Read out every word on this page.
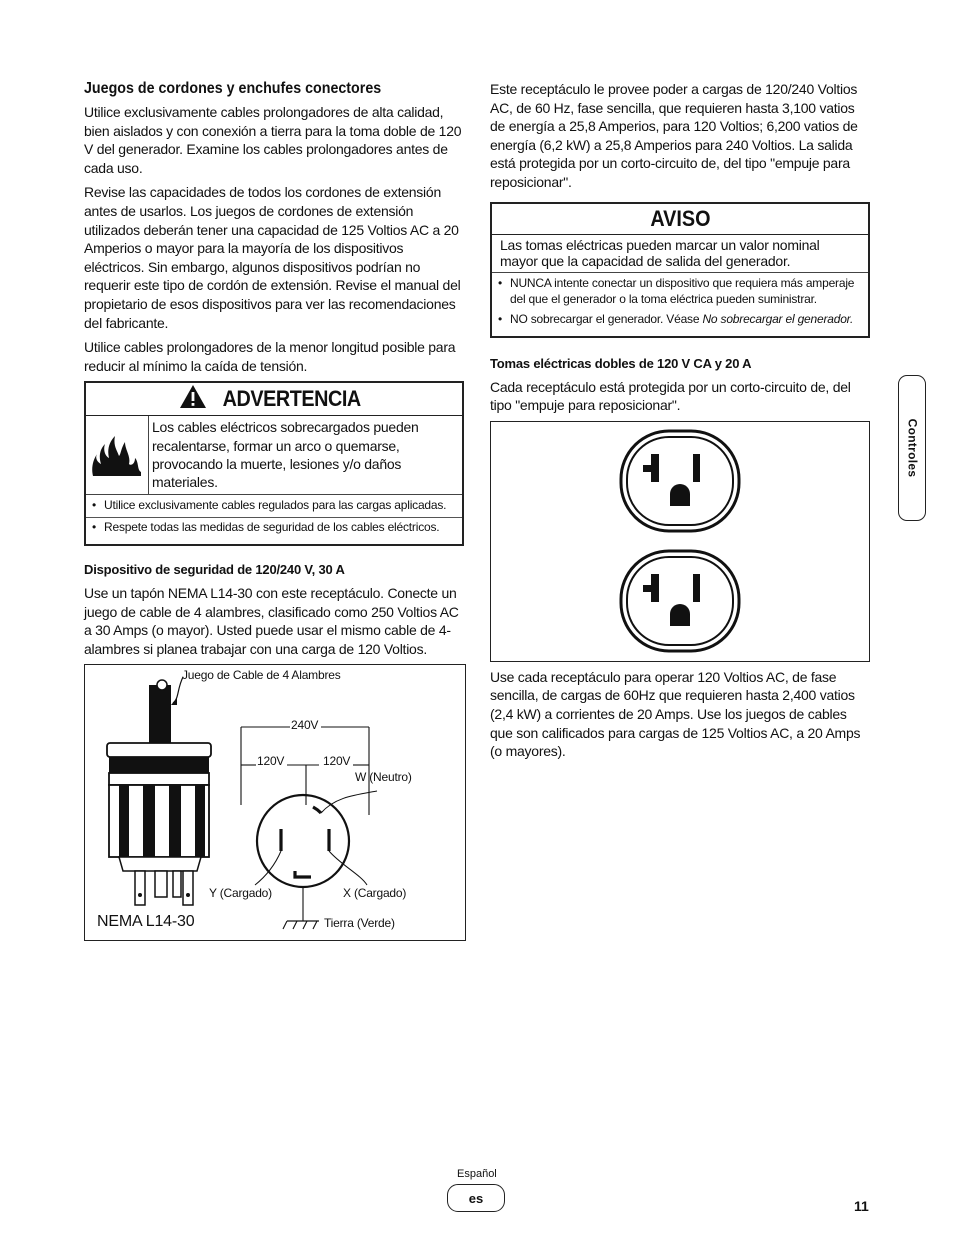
Juegos de cordones y enchufes conectores

Utilice exclusivamente cables prolongadores de alta calidad, bien aislados y con conexión a tierra para la toma doble de 120 V del generador. Examine los cables prolongadores antes de cada uso.

Revise las capacidades de todos los cordones de extensión antes de usarlos. Los juegos de cordones de extensión utilizados deberán tener una capacidad de 125 Voltios AC a 20 Amperios o mayor para la mayoría de los dispositivos eléctricos. Sin embargo, algunos dispositivos podrían no requerir este tipo de cordón de extensión. Revise el manual del propietario de esos dispositivos para ver las recomendaciones del fabricante.

Utilice cables prolongadores de la menor longitud posible para reducir al mínimo la caída de tensión.

ADVERTENCIA
Los cables eléctricos sobrecargados pueden recalentarse, formar un arco o quemarse, provocando la muerte, lesiones y/o daños materiales.
• Utilice exclusivamente cables regulados para las cargas aplicadas.
• Respete todas las medidas de seguridad de los cables eléctricos.
Dispositivo de seguridad de 120/240 V, 30 A

Use un tapón NEMA L14-30 con este receptáculo. Conecte un juego de cable de 4 alambres, clasificado como 250 Voltios AC a 30 Amps (o mayor). Usted puede usar el mismo cable de 4-alambres si planea trabajar con una carga de 120 Voltios.

Juego de Cable de 4 Alambres
240V
120V	120V
W (Neutro)
Y (Cargado)	X (Cargado)
Tierra (Verde)
NEMA L14-30

Este receptáculo le provee poder a cargas de 120/240 Voltios AC, de 60 Hz, fase sencilla, que requieren hasta 3,100 vatios de energía a 25,8 Amperios, para 120 Voltios; 6,200 vatios de energía (6,2 kW) a 25,8 Amperios para 240 Voltios. La salida está protegida por un corto-circuito de, del tipo "empuje para reposicionar".

AVISO
Las tomas eléctricas pueden marcar un valor nominal mayor que la capacidad de salida del generador.
• NUNCA intente conectar un dispositivo que requiera más amperaje del que el generador o la toma eléctrica pueden suministrar.
• NO sobrecargar el generador. Véase No sobrecargar el generador.
Tomas eléctricas dobles de 120 V CA y 20 A

Cada receptáculo está protegida por un corto-circuito de, del tipo "empuje para reposicionar".

Use cada receptáculo para operar 120 Voltios AC, de fase sencilla, de cargas de 60Hz que requieren hasta 2,400 vatios (2,4 kW) a corrientes de 20 Amps. Use los juegos de cables que son calificados para cargas de 125 Voltios AC, a 20 Amps (o mayores).

Controles
Español
es	11
